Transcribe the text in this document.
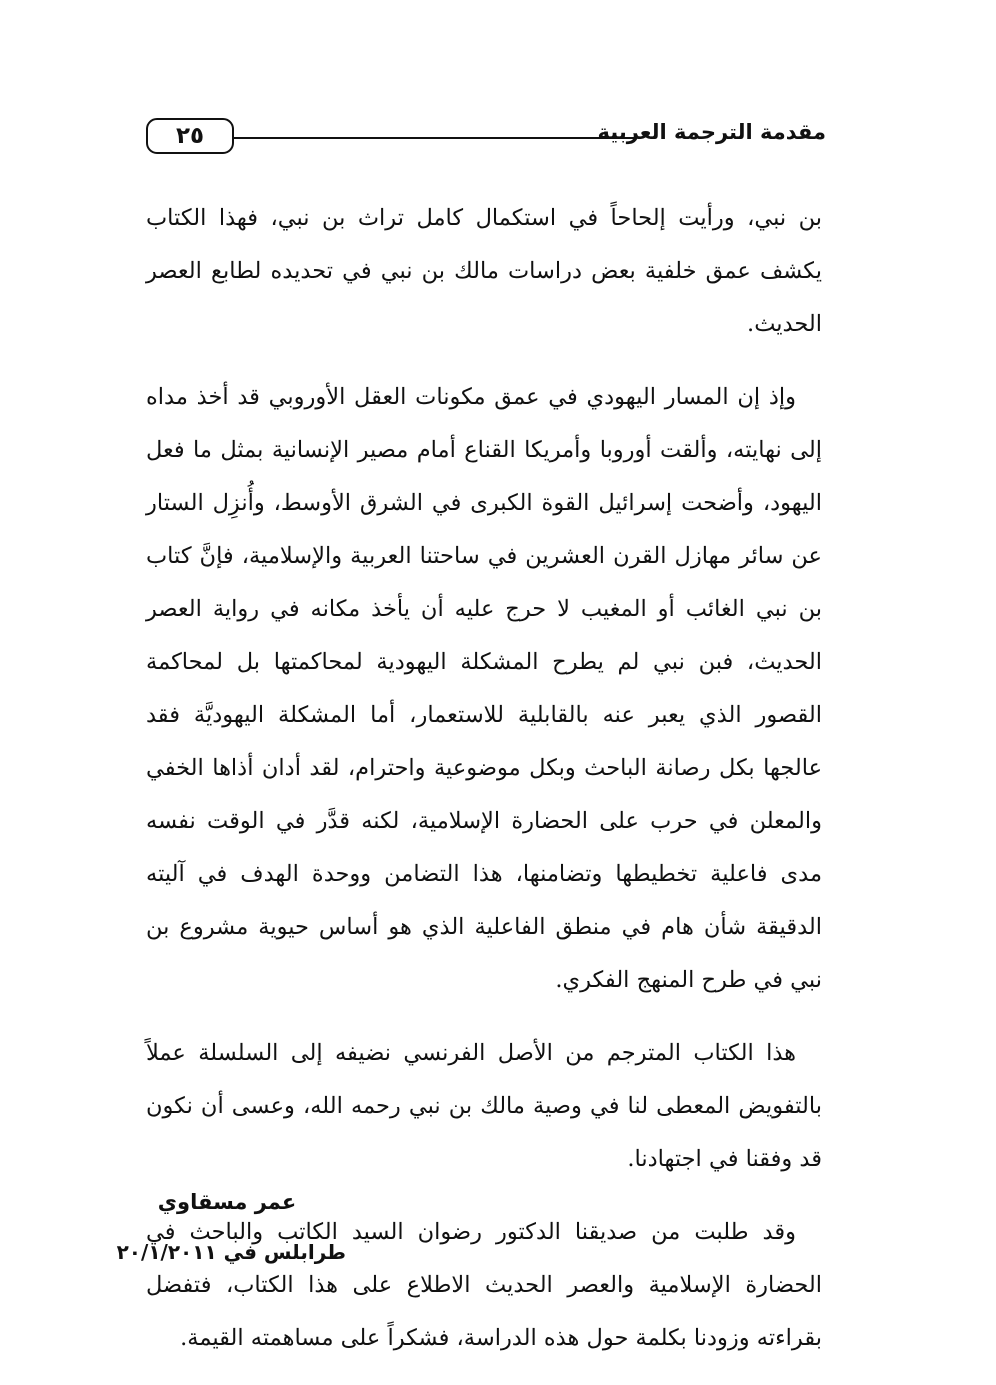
٢٥	مقدمة الترجمة العربية

بن نبي، ورأيت إلحاحاً في استكمال كامل تراث بن نبي، فهذا الكتاب يكشف عمق خلفية بعض دراسات مالك بن نبي في تحديده لطابع العصر الحديث.

وإذ إن المسار اليهودي في عمق مكونات العقل الأوروبي قد أخذ مداه إلى نهايته، وألقت أوروبا وأمريكا القناع أمام مصير الإنسانية بمثل ما فعل اليهود، وأضحت إسرائيل القوة الكبرى في الشرق الأوسط، وأُنزِل الستار عن سائر مهازل القرن العشرين في ساحتنا العربية والإسلامية، فإنَّ كتاب بن نبي الغائب أو المغيب لا حرج عليه أن يأخذ مكانه في رواية العصر الحديث، فبن نبي لم يطرح المشكلة اليهودية لمحاكمتها بل لمحاكمة القصور الذي يعبر عنه بالقابلية للاستعمار، أما المشكلة اليهوديَّة فقد عالجها بكل رصانة الباحث وبكل موضوعية واحترام، لقد أدان أذاها الخفي والمعلن في حرب على الحضارة الإسلامية، لكنه قدَّر في الوقت نفسه مدى فاعلية تخطيطها وتضامنها، هذا التضامن ووحدة الهدف في آليته الدقيقة شأن هام في منطق الفاعلية الذي هو أساس حيوية مشروع بن نبي في طرح المنهج الفكري.

هذا الكتاب المترجم من الأصل الفرنسي نضيفه إلى السلسلة عملاً بالتفويض المعطى لنا في وصية مالك بن نبي رحمه الله، وعسى أن نكون قد وفقنا في اجتهادنا.

وقد طلبت من صديقنا الدكتور رضوان السيد الكاتب والباحث في الحضارة الإسلامية والعصر الحديث الاطلاع على هذا الكتاب، فتفضل بقراءته وزودنا بكلمة حول هذه الدراسة، فشكراً على مساهمته القيمة.

عمر مسقاوي
طرابلس في ٢٠/١/٢٠١١
